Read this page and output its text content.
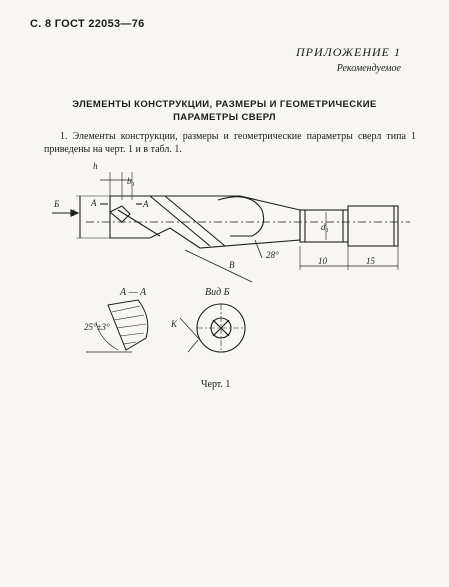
С. 8 ГОСТ 22053—76
ПРИЛОЖЕНИЕ 1
Рекомендуемое
ЭЛЕМЕНТЫ КОНСТРУКЦИИ, РАЗМЕРЫ И ГЕОМЕТРИЧЕСКИЕ
ПАРАМЕТРЫ СВЕРЛ
1. Элементы конструкции, размеры и геометрические параметры сверл типа 1 приведены на черт. 1 и в табл. 1.
h
b₁
Б	A	A
d
d₁
28°
В	10	15
А — А
25°±3°
Вид Б
К
Черт. 1
